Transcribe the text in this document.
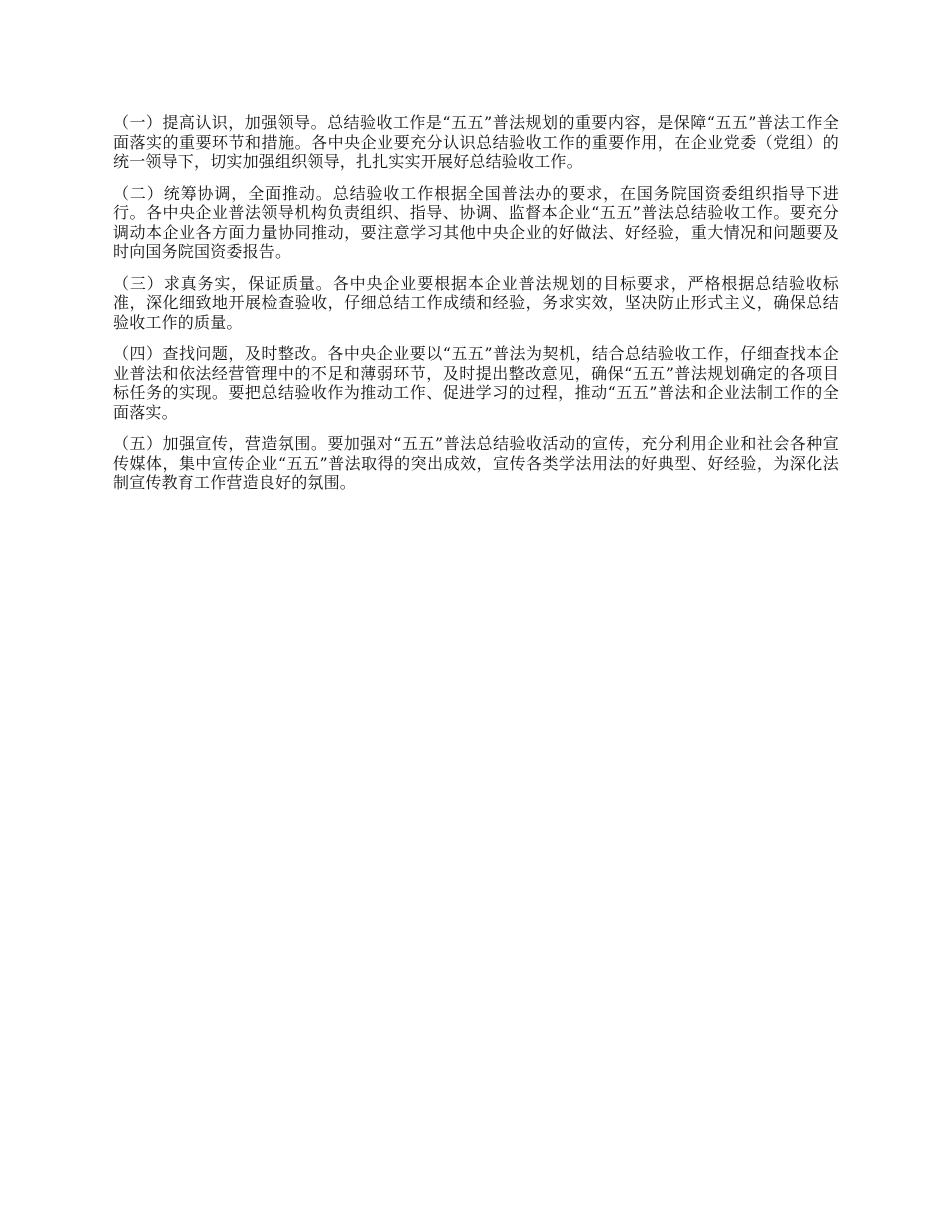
（一）提高认识，加强领导。总结验收工作是“五五”普法规划的重要内容，是保障“五五”普法工作全面落实的重要环节和措施。各中央企业要充分认识总结验收工作的重要作用，在企业党委（党组）的统一领导下，切实加强组织领导，扎扎实实开展好总结验收工作。

（二）统筹协调，全面推动。总结验收工作根据全国普法办的要求，在国务院国资委组织指导下进行。各中央企业普法领导机构负责组织、指导、协调、监督本企业“五五”普法总结验收工作。要充分调动本企业各方面力量协同推动，要注意学习其他中央企业的好做法、好经验，重大情况和问题要及时向国务院国资委报告。

（三）求真务实，保证质量。各中央企业要根据本企业普法规划的目标要求，严格根据总结验收标准，深化细致地开展检查验收，仔细总结工作成绩和经验，务求实效，坚决防止形式主义，确保总结验收工作的质量。

（四）查找问题，及时整改。各中央企业要以“五五”普法为契机，结合总结验收工作，仔细查找本企业普法和依法经营管理中的不足和薄弱环节，及时提出整改意见，确保“五五”普法规划确定的各项目标任务的实现。要把总结验收作为推动工作、促进学习的过程，推动“五五”普法和企业法制工作的全面落实。

（五）加强宣传，营造氛围。要加强对“五五”普法总结验收活动的宣传，充分利用企业和社会各种宣传媒体，集中宣传企业“五五”普法取得的突出成效，宣传各类学法用法的好典型、好经验，为深化法制宣传教育工作营造良好的氛围。
